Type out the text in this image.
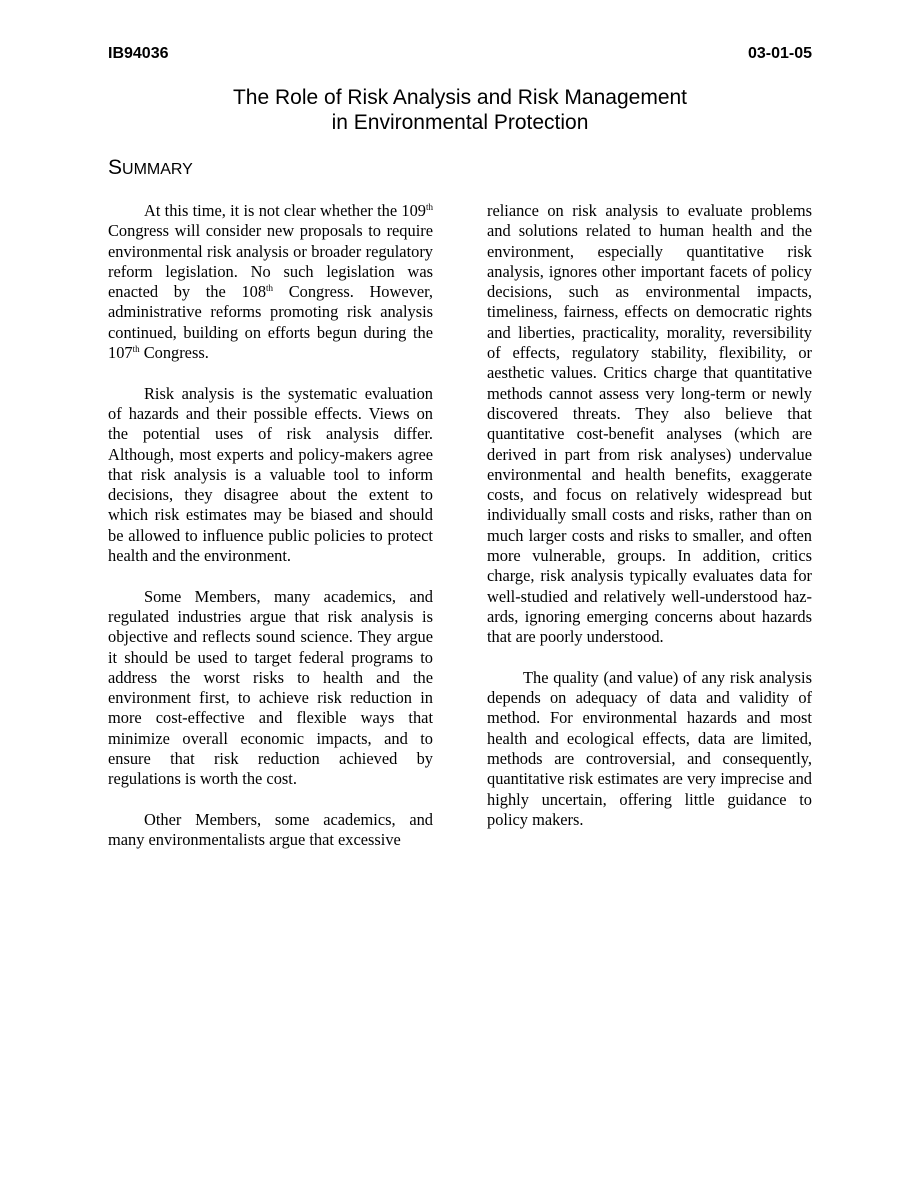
IB94036	03-01-05
The Role of Risk Analysis and Risk Management
in Environmental Protection
SUMMARY

At this time, it is not clear whether the 109th Congress will consider new proposals to require environmental risk analysis or broader regulatory reform legislation. No such legislation was enacted by the 108th Congress. However, administrative reforms promoting risk analysis continued, building on efforts begun during the 107th Congress.

Risk analysis is the systematic evaluation of hazards and their possible effects. Views on the potential uses of risk analysis differ. Although, most experts and policy-makers agree that risk analysis is a valuable tool to inform decisions, they disagree about the extent to which risk estimates may be biased and should be allowed to influence public policies to protect health and the environment.

Some Members, many academics, and regulated industries argue that risk analysis is objective and reflects sound science. They argue it should be used to target federal programs to address the worst risks to health and the environment first, to achieve risk reduction in more cost-effective and flexible ways that minimize overall economic impacts, and to ensure that risk reduction achieved by regulations is worth the cost.

Other Members, some academics, and many environmentalists argue that excessive

reliance on risk analysis to evaluate problems and solutions related to human health and the environment, especially quantitative risk analysis, ignores other important facets of policy decisions, such as environmental impacts, timeliness, fairness, effects on democratic rights and liberties, practicality, morality, reversibility of effects, regulatory stability, flexibility, or aesthetic values. Critics charge that quantitative methods cannot assess very long-term or newly discovered threats. They also believe that quantitative cost-benefit analyses (which are derived in part from risk analyses) undervalue environmental and health benefits, exaggerate costs, and focus on relatively widespread but individually small costs and risks, rather than on much larger costs and risks to smaller, and often more vulnerable, groups. In addition, critics charge, risk analysis typically evaluates data for well-studied and relatively well-understood hazards, ignoring emerging concerns about hazards that are poorly understood.

The quality (and value) of any risk analysis depends on adequacy of data and validity of method. For environmental hazards and most health and ecological effects, data are limited, methods are controversial, and consequently, quantitative risk estimates are very imprecise and highly uncertain, offering little guidance to policy makers.
